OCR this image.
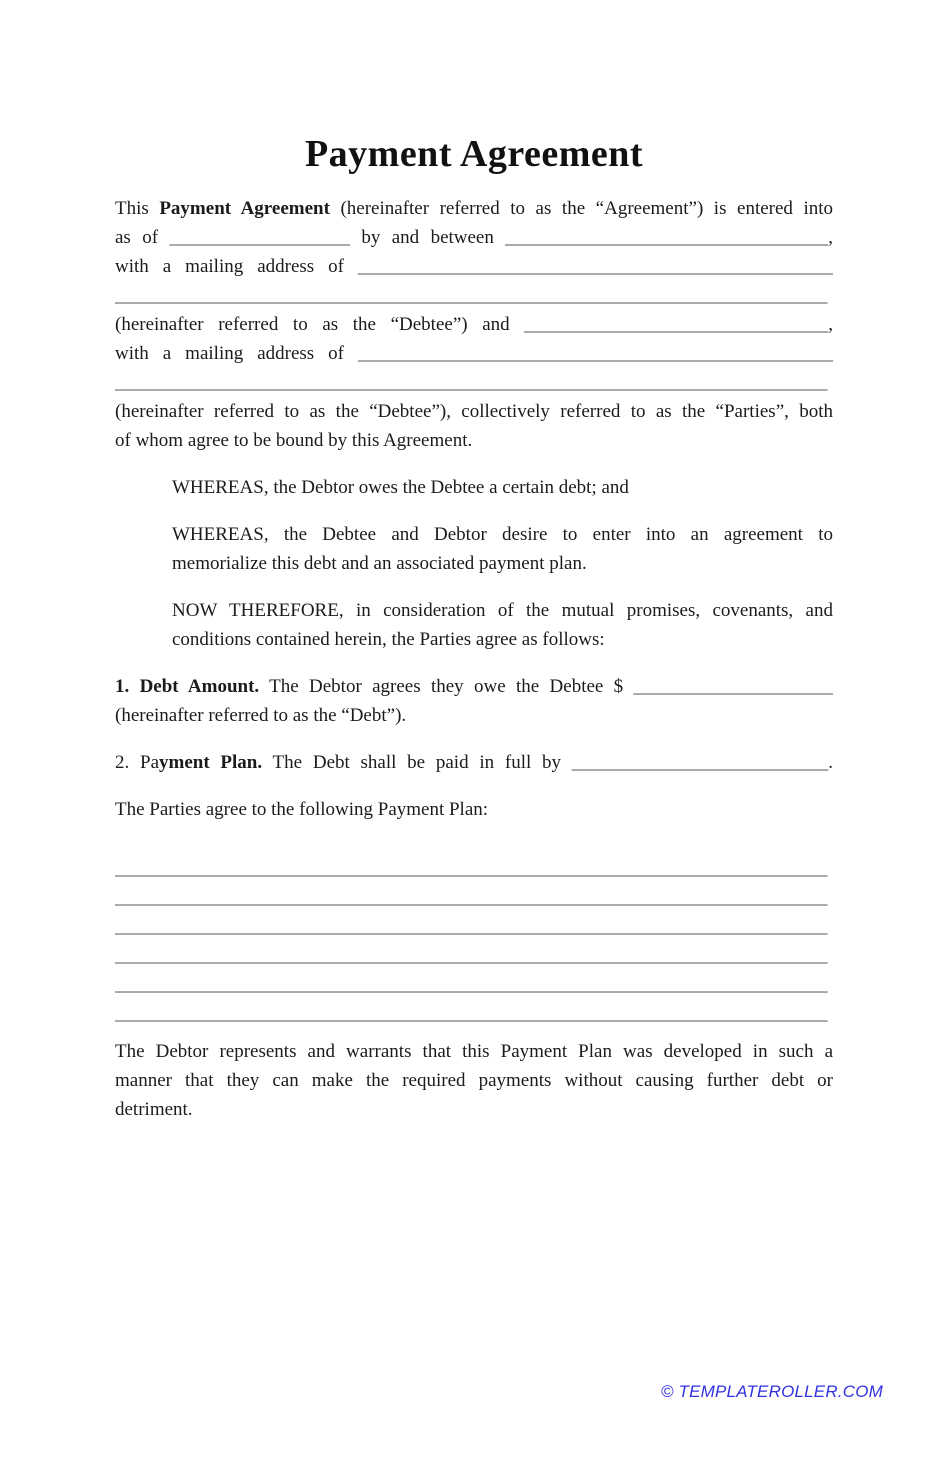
Payment Agreement
This Payment Agreement (hereinafter referred to as the “Agreement”) is entered into
as of ___________________ by and between __________________________________,
with a mailing address of __________________________________________________
___________________________________________________________________________
(hereinafter referred to as the “Debtee”) and ________________________________,
with a mailing address of __________________________________________________
___________________________________________________________________________
(hereinafter referred to as the “Debtee”), collectively referred to as the “Parties”, both
of whom agree to be bound by this Agreement.
WHEREAS, the Debtor owes the Debtee a certain debt; and
WHEREAS, the Debtee and Debtor desire to enter into an agreement to
memorialize this debt and an associated payment plan.
NOW THEREFORE, in consideration of the mutual promises, covenants, and
conditions contained herein, the Parties agree as follows:
1. Debt Amount. The Debtor agrees they owe the Debtee $ _____________________
(hereinafter referred to as the “Debt”).
2. Payment Plan. The Debt shall be paid in full by ___________________________.
The Parties agree to the following Payment Plan:
___________________________________________________________________________
___________________________________________________________________________
___________________________________________________________________________
___________________________________________________________________________
___________________________________________________________________________
___________________________________________________________________________
The Debtor represents and warrants that this Payment Plan was developed in such a
manner that they can make the required payments without causing further debt or
detriment.
© TEMPLATEROLLER.COM
